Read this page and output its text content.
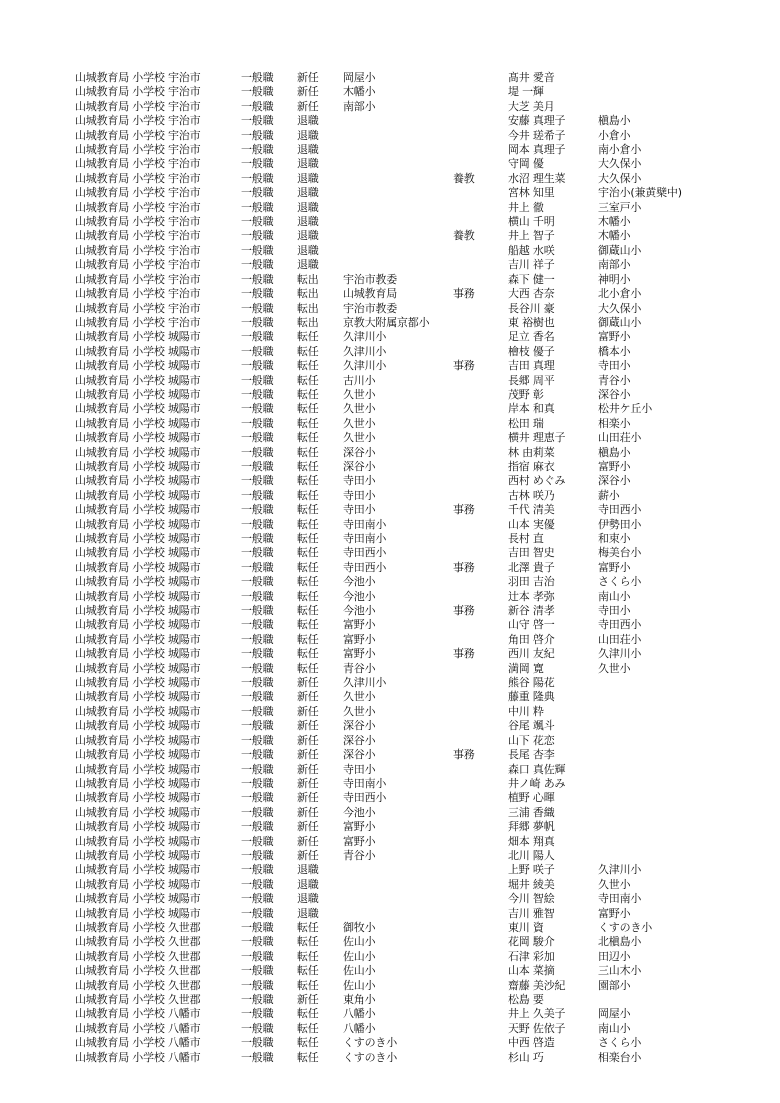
山城教育局 小学校 宇治市	一般職 新任 岡屋小	髙井 愛音
山城教育局 小学校 宇治市	一般職 新任 木幡小	堤 一輝
山城教育局 小学校 宇治市	一般職 新任 南部小	大芝 美月
山城教育局 小学校 宇治市	一般職 退職	安藤 真理子	槇島小
山城教育局 小学校 宇治市	一般職 退職	今井 瑳希子	小倉小
山城教育局 小学校 宇治市	一般職 退職	岡本 真理子	南小倉小
山城教育局 小学校 宇治市	一般職 退職	守岡 優	大久保小
山城教育局 小学校 宇治市	一般職 退職	養教	水沼 理生菜	大久保小
山城教育局 小学校 宇治市	一般職 退職	宮林 知里	宇治小(兼黄檗中)
山城教育局 小学校 宇治市	一般職 退職	井上 徹	三室戸小
山城教育局 小学校 宇治市	一般職 退職	横山 千明	木幡小
山城教育局 小学校 宇治市	一般職 退職	養教	井上 智子	木幡小
山城教育局 小学校 宇治市	一般職 退職	船越 水咲	御蔵山小
山城教育局 小学校 宇治市	一般職 退職	吉川 祥子	南部小
山城教育局 小学校 宇治市	一般職 転出 宇治市教委	森下 健一	神明小
山城教育局 小学校 宇治市	一般職 転出 山城教育局	事務	大西 杏奈	北小倉小
山城教育局 小学校 宇治市	一般職 転出 宇治市教委	長谷川 豪	大久保小
山城教育局 小学校 宇治市	一般職 転出 京教大附属京都小	東 裕樹也	御蔵山小
山城教育局 小学校 城陽市	一般職 転任 久津川小	足立 香名	富野小
山城教育局 小学校 城陽市	一般職 転任 久津川小	檜枝 優子	橋本小
山城教育局 小学校 城陽市	一般職 転任 久津川小	事務	吉田 真理	寺田小
山城教育局 小学校 城陽市	一般職 転任 古川小	長郷 周平	青谷小
山城教育局 小学校 城陽市	一般職 転任 久世小	茂野 彰	深谷小
山城教育局 小学校 城陽市	一般職 転任 久世小	岸本 和真	松井ケ丘小
山城教育局 小学校 城陽市	一般職 転任 久世小	松田 瑞	相楽小
山城教育局 小学校 城陽市	一般職 転任 久世小	横井 理恵子	山田荘小
山城教育局 小学校 城陽市	一般職 転任 深谷小	林 由莉菜	槇島小
山城教育局 小学校 城陽市	一般職 転任 深谷小	指宿 麻衣	富野小
山城教育局 小学校 城陽市	一般職 転任 寺田小	西村 めぐみ	深谷小
山城教育局 小学校 城陽市	一般職 転任 寺田小	古林 咲乃	薪小
山城教育局 小学校 城陽市	一般職 転任 寺田小	事務	千代 清美	寺田西小
山城教育局 小学校 城陽市	一般職 転任 寺田南小	山本 実優	伊勢田小
山城教育局 小学校 城陽市	一般職 転任 寺田南小	長村 直	和束小
山城教育局 小学校 城陽市	一般職 転任 寺田西小	吉田 智史	梅美台小
山城教育局 小学校 城陽市	一般職 転任 寺田西小	事務	北澤 貴子	富野小
山城教育局 小学校 城陽市	一般職 転任 今池小	羽田 吉治	さくら小
山城教育局 小学校 城陽市	一般職 転任 今池小	辻本 孝弥	南山小
山城教育局 小学校 城陽市	一般職 転任 今池小	事務	新谷 清孝	寺田小
山城教育局 小学校 城陽市	一般職 転任 富野小	山守 啓一	寺田西小
山城教育局 小学校 城陽市	一般職 転任 富野小	角田 啓介	山田荘小
山城教育局 小学校 城陽市	一般職 転任 富野小	事務	西川 友紀	久津川小
山城教育局 小学校 城陽市	一般職 転任 青谷小	満岡 寛	久世小
山城教育局 小学校 城陽市	一般職 新任 久津川小	熊谷 陽花
山城教育局 小学校 城陽市	一般職 新任 久世小	藤重 隆典
山城教育局 小学校 城陽市	一般職 新任 久世小	中川 粋
山城教育局 小学校 城陽市	一般職 新任 深谷小	谷尾 颯斗
山城教育局 小学校 城陽市	一般職 新任 深谷小	山下 花恋
山城教育局 小学校 城陽市	一般職 新任 深谷小	事務	長尾 杏李
山城教育局 小学校 城陽市	一般職 新任 寺田小	森口 真佐輝
山城教育局 小学校 城陽市	一般職 新任 寺田南小	井ノ崎 あみ
山城教育局 小学校 城陽市	一般職 新任 寺田西小	植野 心暉
山城教育局 小学校 城陽市	一般職 新任 今池小	三浦 香織
山城教育局 小学校 城陽市	一般職 新任 富野小	拜郷 夢帆
山城教育局 小学校 城陽市	一般職 新任 富野小	畑本 翔真
山城教育局 小学校 城陽市	一般職 新任 青谷小	北川 陽人
山城教育局 小学校 城陽市	一般職 退職	上野 咲子	久津川小
山城教育局 小学校 城陽市	一般職 退職	堀井 綾美	久世小
山城教育局 小学校 城陽市	一般職 退職	今川 智絵	寺田南小
山城教育局 小学校 城陽市	一般職 退職	吉川 雅智	富野小
山城教育局 小学校 久世郡	一般職 転任 御牧小	東川 資	くすのき小
山城教育局 小学校 久世郡	一般職 転任 佐山小	花岡 駿介	北槇島小
山城教育局 小学校 久世郡	一般職 転任 佐山小	石津 彩加	田辺小
山城教育局 小学校 久世郡	一般職 転任 佐山小	山本 菜摘	三山木小
山城教育局 小学校 久世郡	一般職 転任 佐山小	齋藤 美沙紀	園部小
山城教育局 小学校 久世郡	一般職 新任 東角小	松島 要
山城教育局 小学校 八幡市	一般職 転任 八幡小	井上 久美子	岡屋小
山城教育局 小学校 八幡市	一般職 転任 八幡小	天野 佐依子	南山小
山城教育局 小学校 八幡市	一般職 転任 くすのき小	中西 啓造	さくら小
山城教育局 小学校 八幡市	一般職 転任 くすのき小	杉山 巧	相楽台小
